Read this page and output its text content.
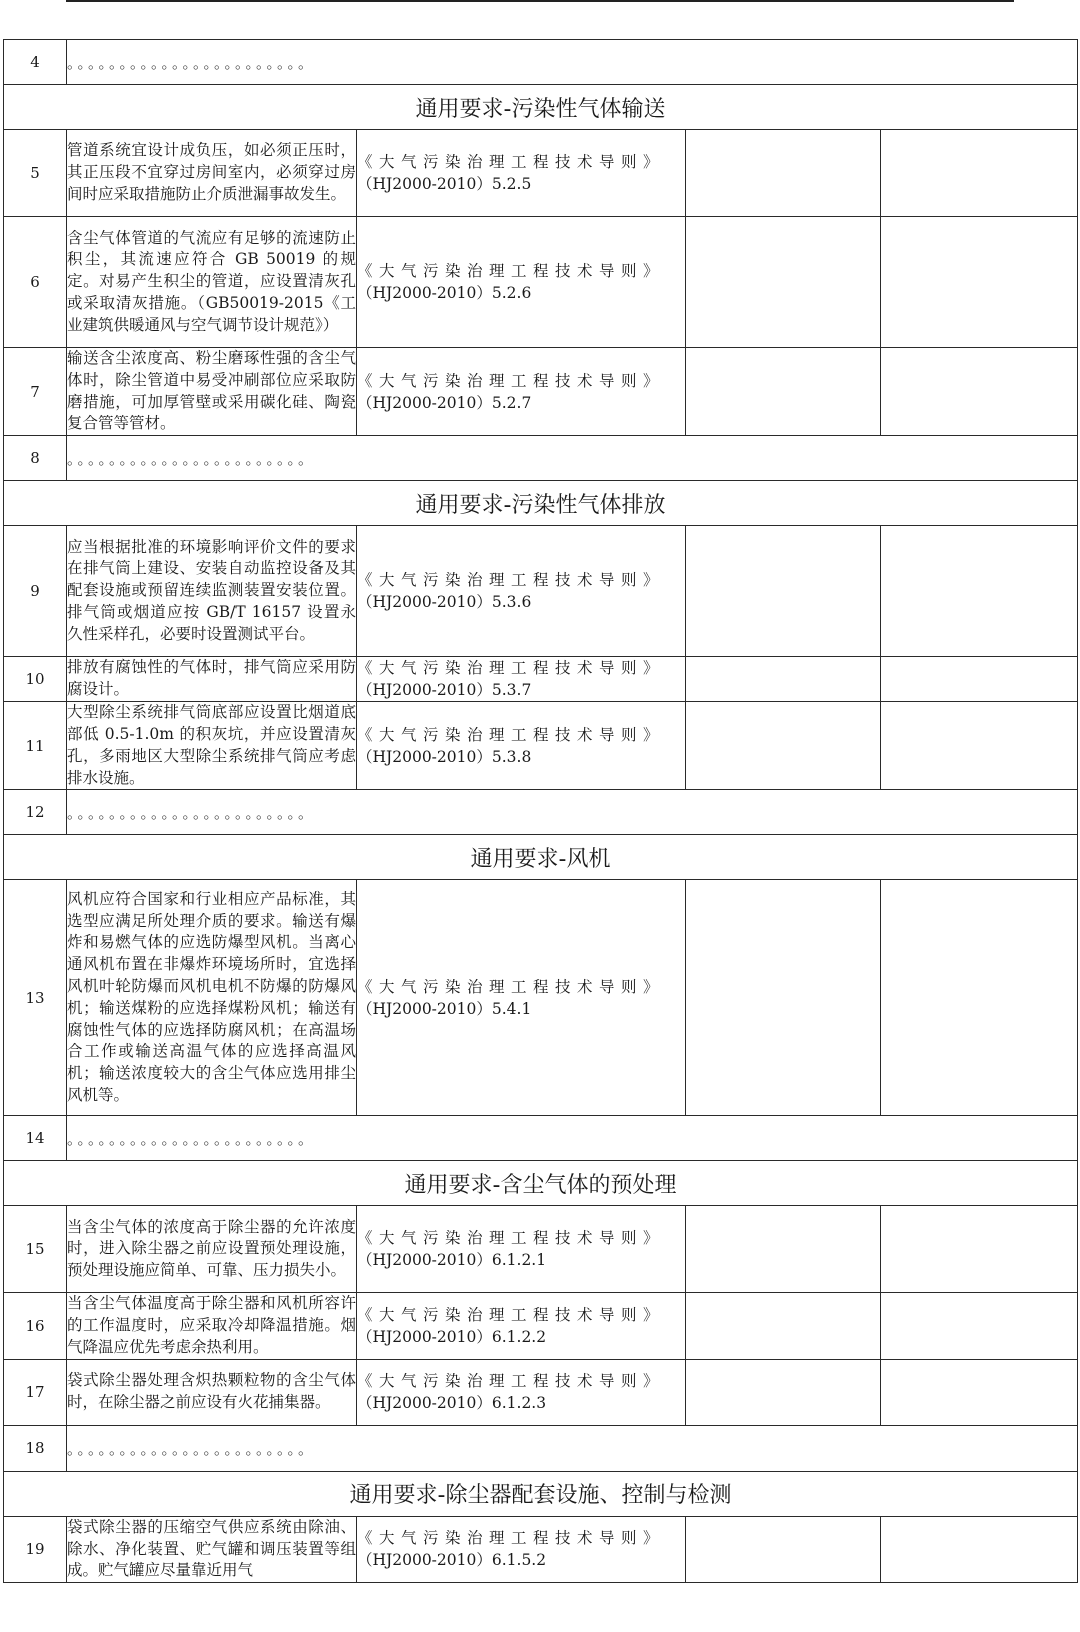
4	。。。。。。。。。。。。。。。。。。。。。。。			
通用要求-污染性气体输送				
5	管道系统宜设计成负压，如必须正压时，其正压段不宜穿过房间室内，必须穿过房间时应采取措施防止介质泄漏事故发生。	《大气污染治理工程技术导则》
（HJ2000-2010）5.2.5		

6	含尘气体管道的气流应有足够的流速防止积尘，其流速应符合 GB 50019 的规定。对易产生积尘的管道，应设置清灰孔或采取清灰措施。（GB50019-2015《工业建筑供暖通风与空气调节设计规范》）	《大气污染治理工程技术导则》
（HJ2000-2010）5.2.6		

7	输送含尘浓度高、粉尘磨琢性强的含尘气体时，除尘管道中易受冲刷部位应采取防磨措施，可加厚管壁或采用碳化硅、陶瓷复合管等管材。	《大气污染治理工程技术导则》
（HJ2000-2010）5.2.7		

8	。。。。。。。。。。。。。。。。。。。。。。。			
通用要求-污染性气体排放				
9	应当根据批准的环境影响评价文件的要求在排气筒上建设、安装自动监控设备及其配套设施或预留连续监测装置安装位置。排气筒或烟道应按 GB/T 16157 设置永久性采样孔，必要时设置测试平台。	《大气污染治理工程技术导则》
（HJ2000-2010）5.3.6		

10	排放有腐蚀性的气体时，排气筒应采用防腐设计。	《大气污染治理工程技术导则》
（HJ2000-2010）5.3.7		

11	大型除尘系统排气筒底部应设置比烟道底部低 0.5-1.0m 的积灰坑，并应设置清灰孔，多雨地区大型除尘系统排气筒应考虑排水设施。	《大气污染治理工程技术导则》
（HJ2000-2010）5.3.8		

12	。。。。。。。。。。。。。。。。。。。。。。。			
通用要求-风机				
13	风机应符合国家和行业相应产品标准，其选型应满足所处理介质的要求。输送有爆炸和易燃气体的应选防爆型风机。当离心通风机布置在非爆炸环境场所时，宜选择风机叶轮防爆而风机电机不防爆的防爆风机；输送煤粉的应选择煤粉风机；输送有腐蚀性气体的应选择防腐风机；在高温场合工作或输送高温气体的应选择高温风机；输送浓度较大的含尘气体应选用排尘风机等。	《大气污染治理工程技术导则》
（HJ2000-2010）5.4.1		

14	。。。。。。。。。。。。。。。。。。。。。。。			
通用要求-含尘气体的预处理				
15	当含尘气体的浓度高于除尘器的允许浓度时，进入除尘器之前应设置预处理设施，预处理设施应简单、可靠、压力损失小。	《大气污染治理工程技术导则》
（HJ2000-2010）6.1.2.1		

16	当含尘气体温度高于除尘器和风机所容许的工作温度时，应采取冷却降温措施。烟气降温应优先考虑余热利用。	《大气污染治理工程技术导则》
（HJ2000-2010）6.1.2.2		

17	袋式除尘器处理含炽热颗粒物的含尘气体时，在除尘器之前应设有火花捕集器。	《大气污染治理工程技术导则》
（HJ2000-2010）6.1.2.3		

18	。。。。。。。。。。。。。。。。。。。。。。。			
通用要求-除尘器配套设施、控制与检测				
19	袋式除尘器的压缩空气供应系统由除油、除水、净化装置、贮气罐和调压装置等组成。贮气罐应尽量靠近用气	《大气污染治理工程技术导则》
（HJ2000-2010）6.1.5.2		
